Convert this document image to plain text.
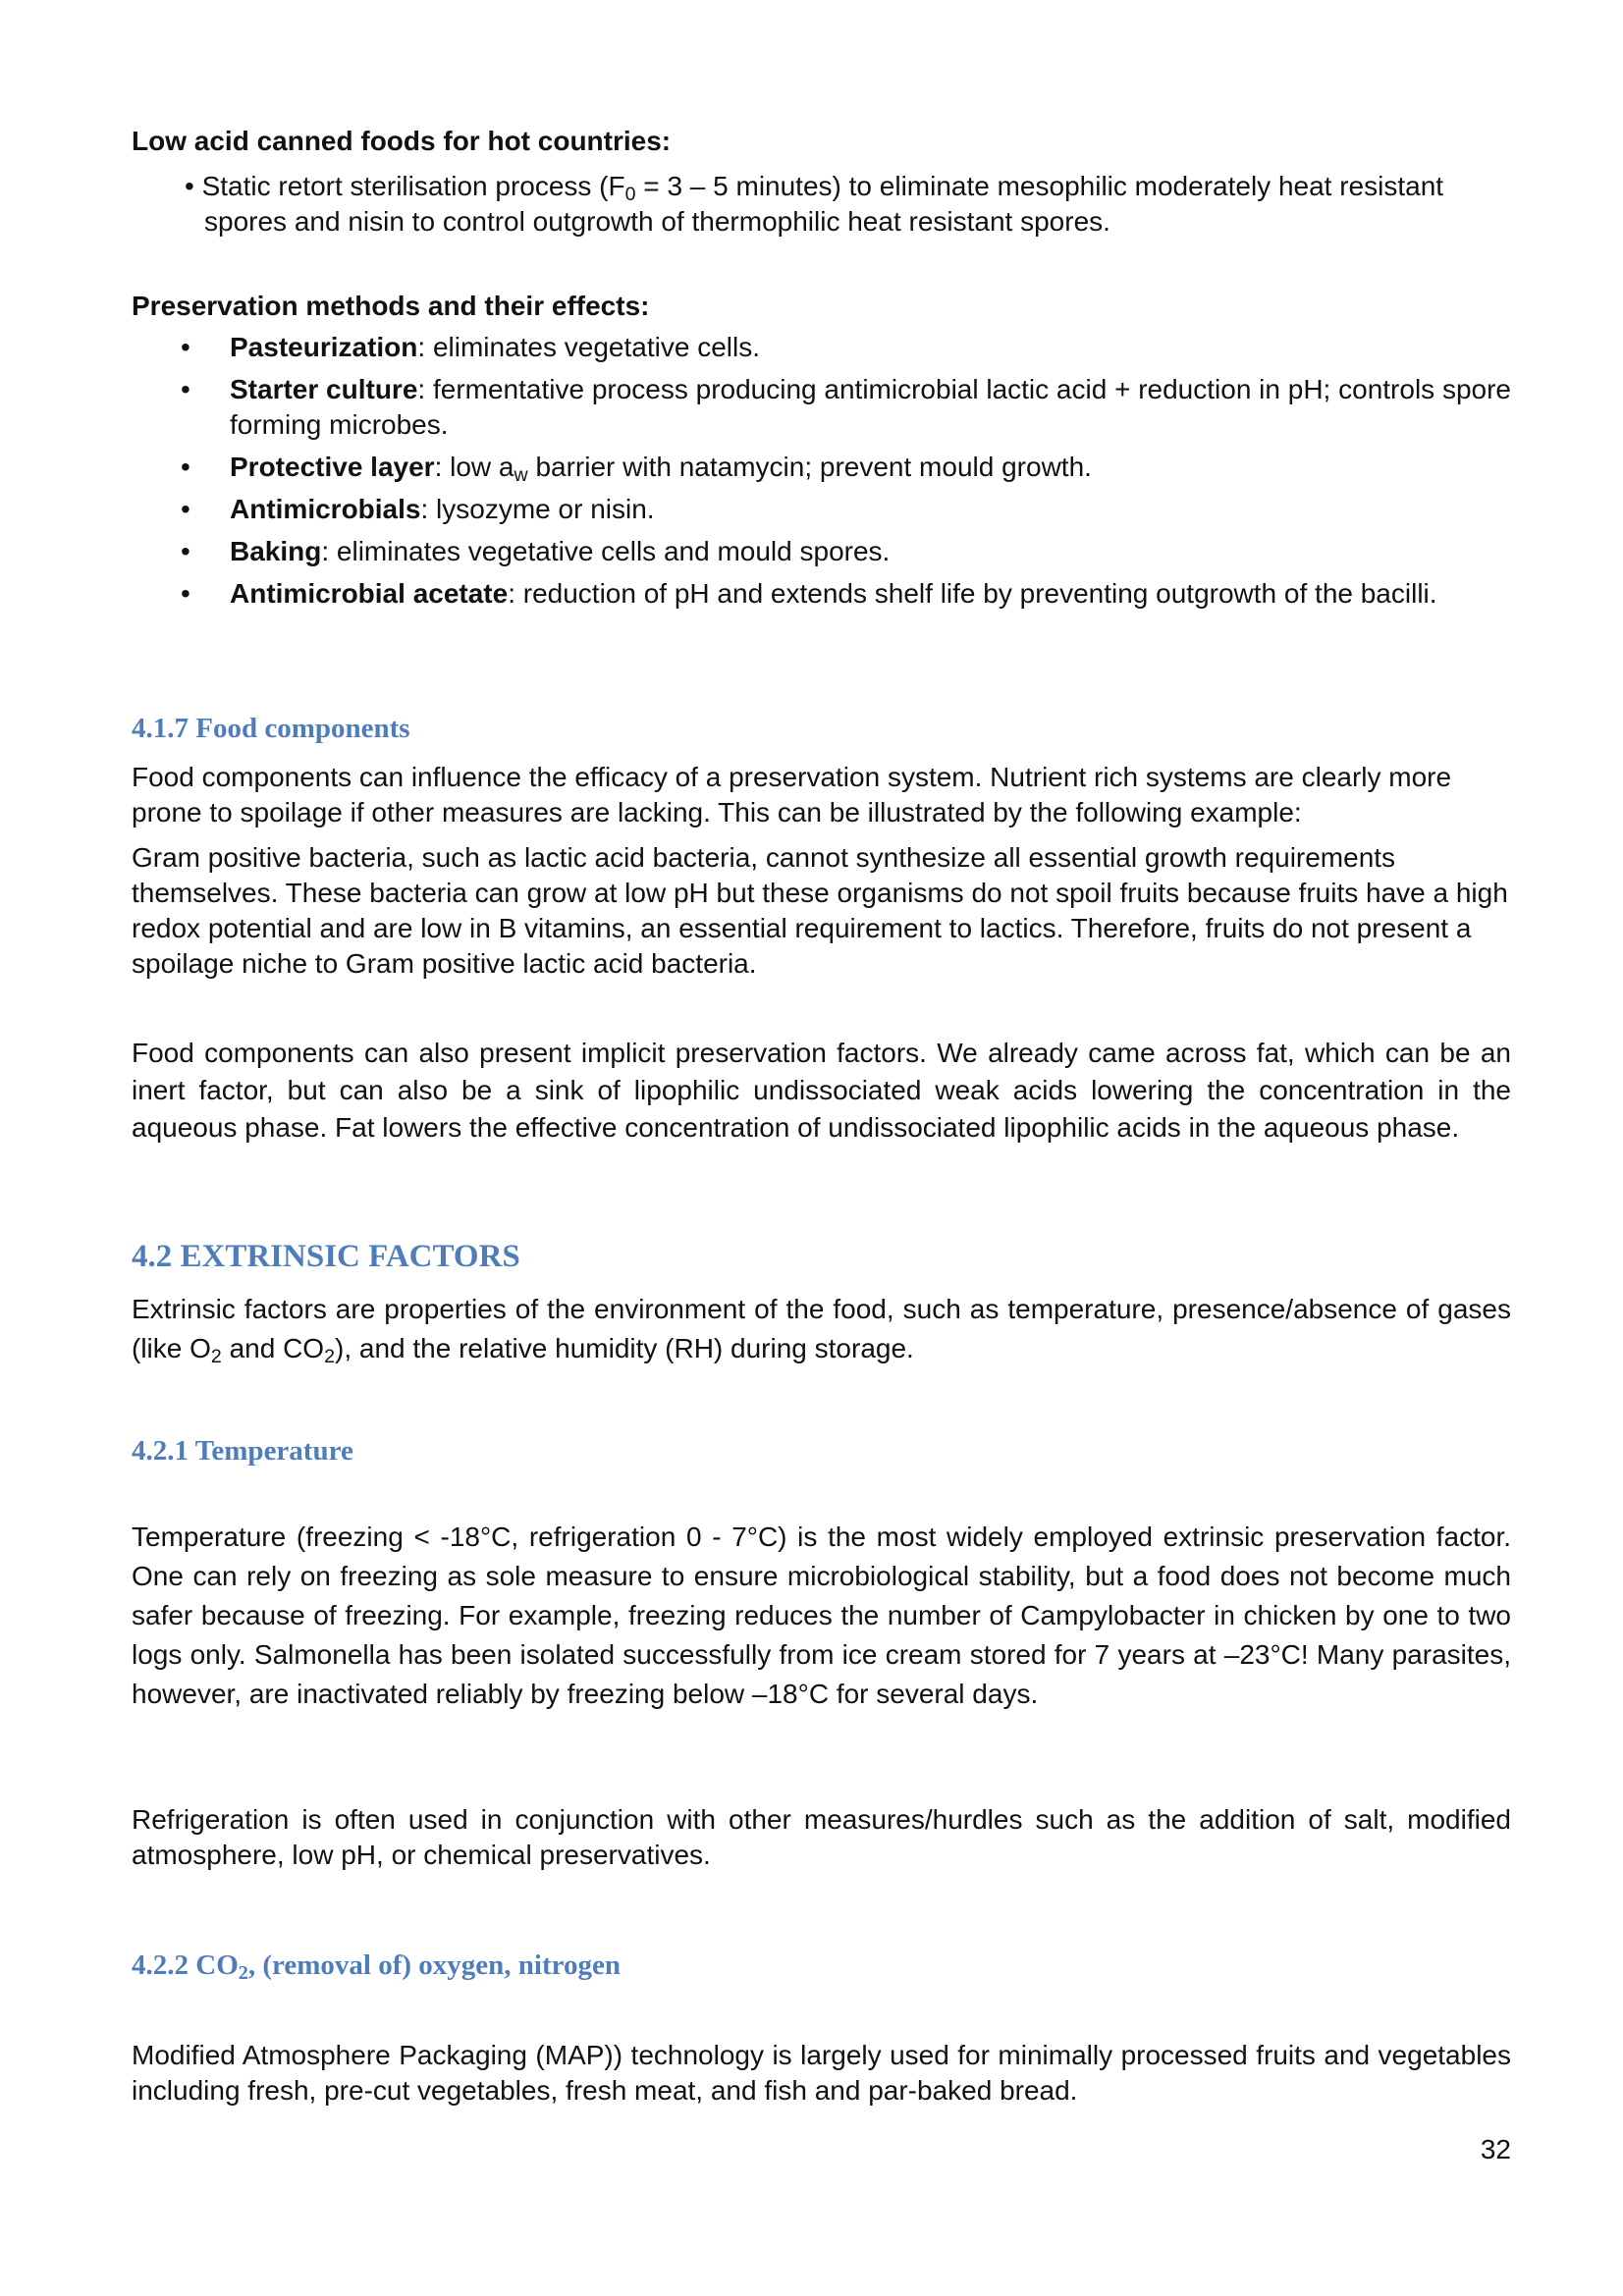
Low acid canned foods for hot countries:
• Static retort sterilisation process ($F_0 = 3 - 5$ minutes) to eliminate mesophilic moderately heat resistant spores and nisin to control outgrowth of thermophilic heat resistant spores.
Preservation methods and their effects:
• Pasteurization: eliminates vegetative cells.
• Starter culture: fermentative process producing antimicrobial lactic acid + reduction in pH; controls spore forming microbes.
• Protective layer: low $a_w$ barrier with natamycin; prevent mould growth.
• Antimicrobials: lysozyme or nisin.
• Baking: eliminates vegetative cells and mould spores.
• Antimicrobial acetate: reduction of pH and extends shelf life by preventing outgrowth of the bacilli.
4.1.7 Food components
Food components can influence the efficacy of a preservation system. Nutrient rich systems are clearly more prone to spoilage if other measures are lacking. This can be illustrated by the following example:
Gram positive bacteria, such as lactic acid bacteria, cannot synthesize all essential growth requirements themselves. These bacteria can grow at low pH but these organisms do not spoil fruits because fruits have a high redox potential and are low in B vitamins, an essential requirement to lactics. Therefore, fruits do not present a spoilage niche to Gram positive lactic acid bacteria.
Food components can also present implicit preservation factors. We already came across fat, which can be an inert factor, but can also be a sink of lipophilic undissociated weak acids lowering the concentration in the aqueous phase. Fat lowers the effective concentration of undissociated lipophilic acids in the aqueous phase.
4.2 EXTRINSIC FACTORS
Extrinsic factors are properties of the environment of the food, such as temperature, presence/absence of gases (like $O_2$ and $CO_2$), and the relative humidity (RH) during storage.
4.2.1 Temperature
Temperature (freezing < -18°C, refrigeration 0 - 7°C) is the most widely employed extrinsic preservation factor. One can rely on freezing as sole measure to ensure microbiological stability, but a food does not become much safer because of freezing. For example, freezing reduces the number of Campylobacter in chicken by one to two logs only. Salmonella has been isolated successfully from ice cream stored for 7 years at –23°C! Many parasites, however, are inactivated reliably by freezing below –18°C for several days.
Refrigeration is often used in conjunction with other measures/hurdles such as the addition of salt, modified atmosphere, low pH, or chemical preservatives.
4.2.2 $CO_2$, (removal of) oxygen, nitrogen
Modified Atmosphere Packaging (MAP)) technology is largely used for minimally processed fruits and vegetables including fresh, pre-cut vegetables, fresh meat, and fish and par-baked bread.
32
